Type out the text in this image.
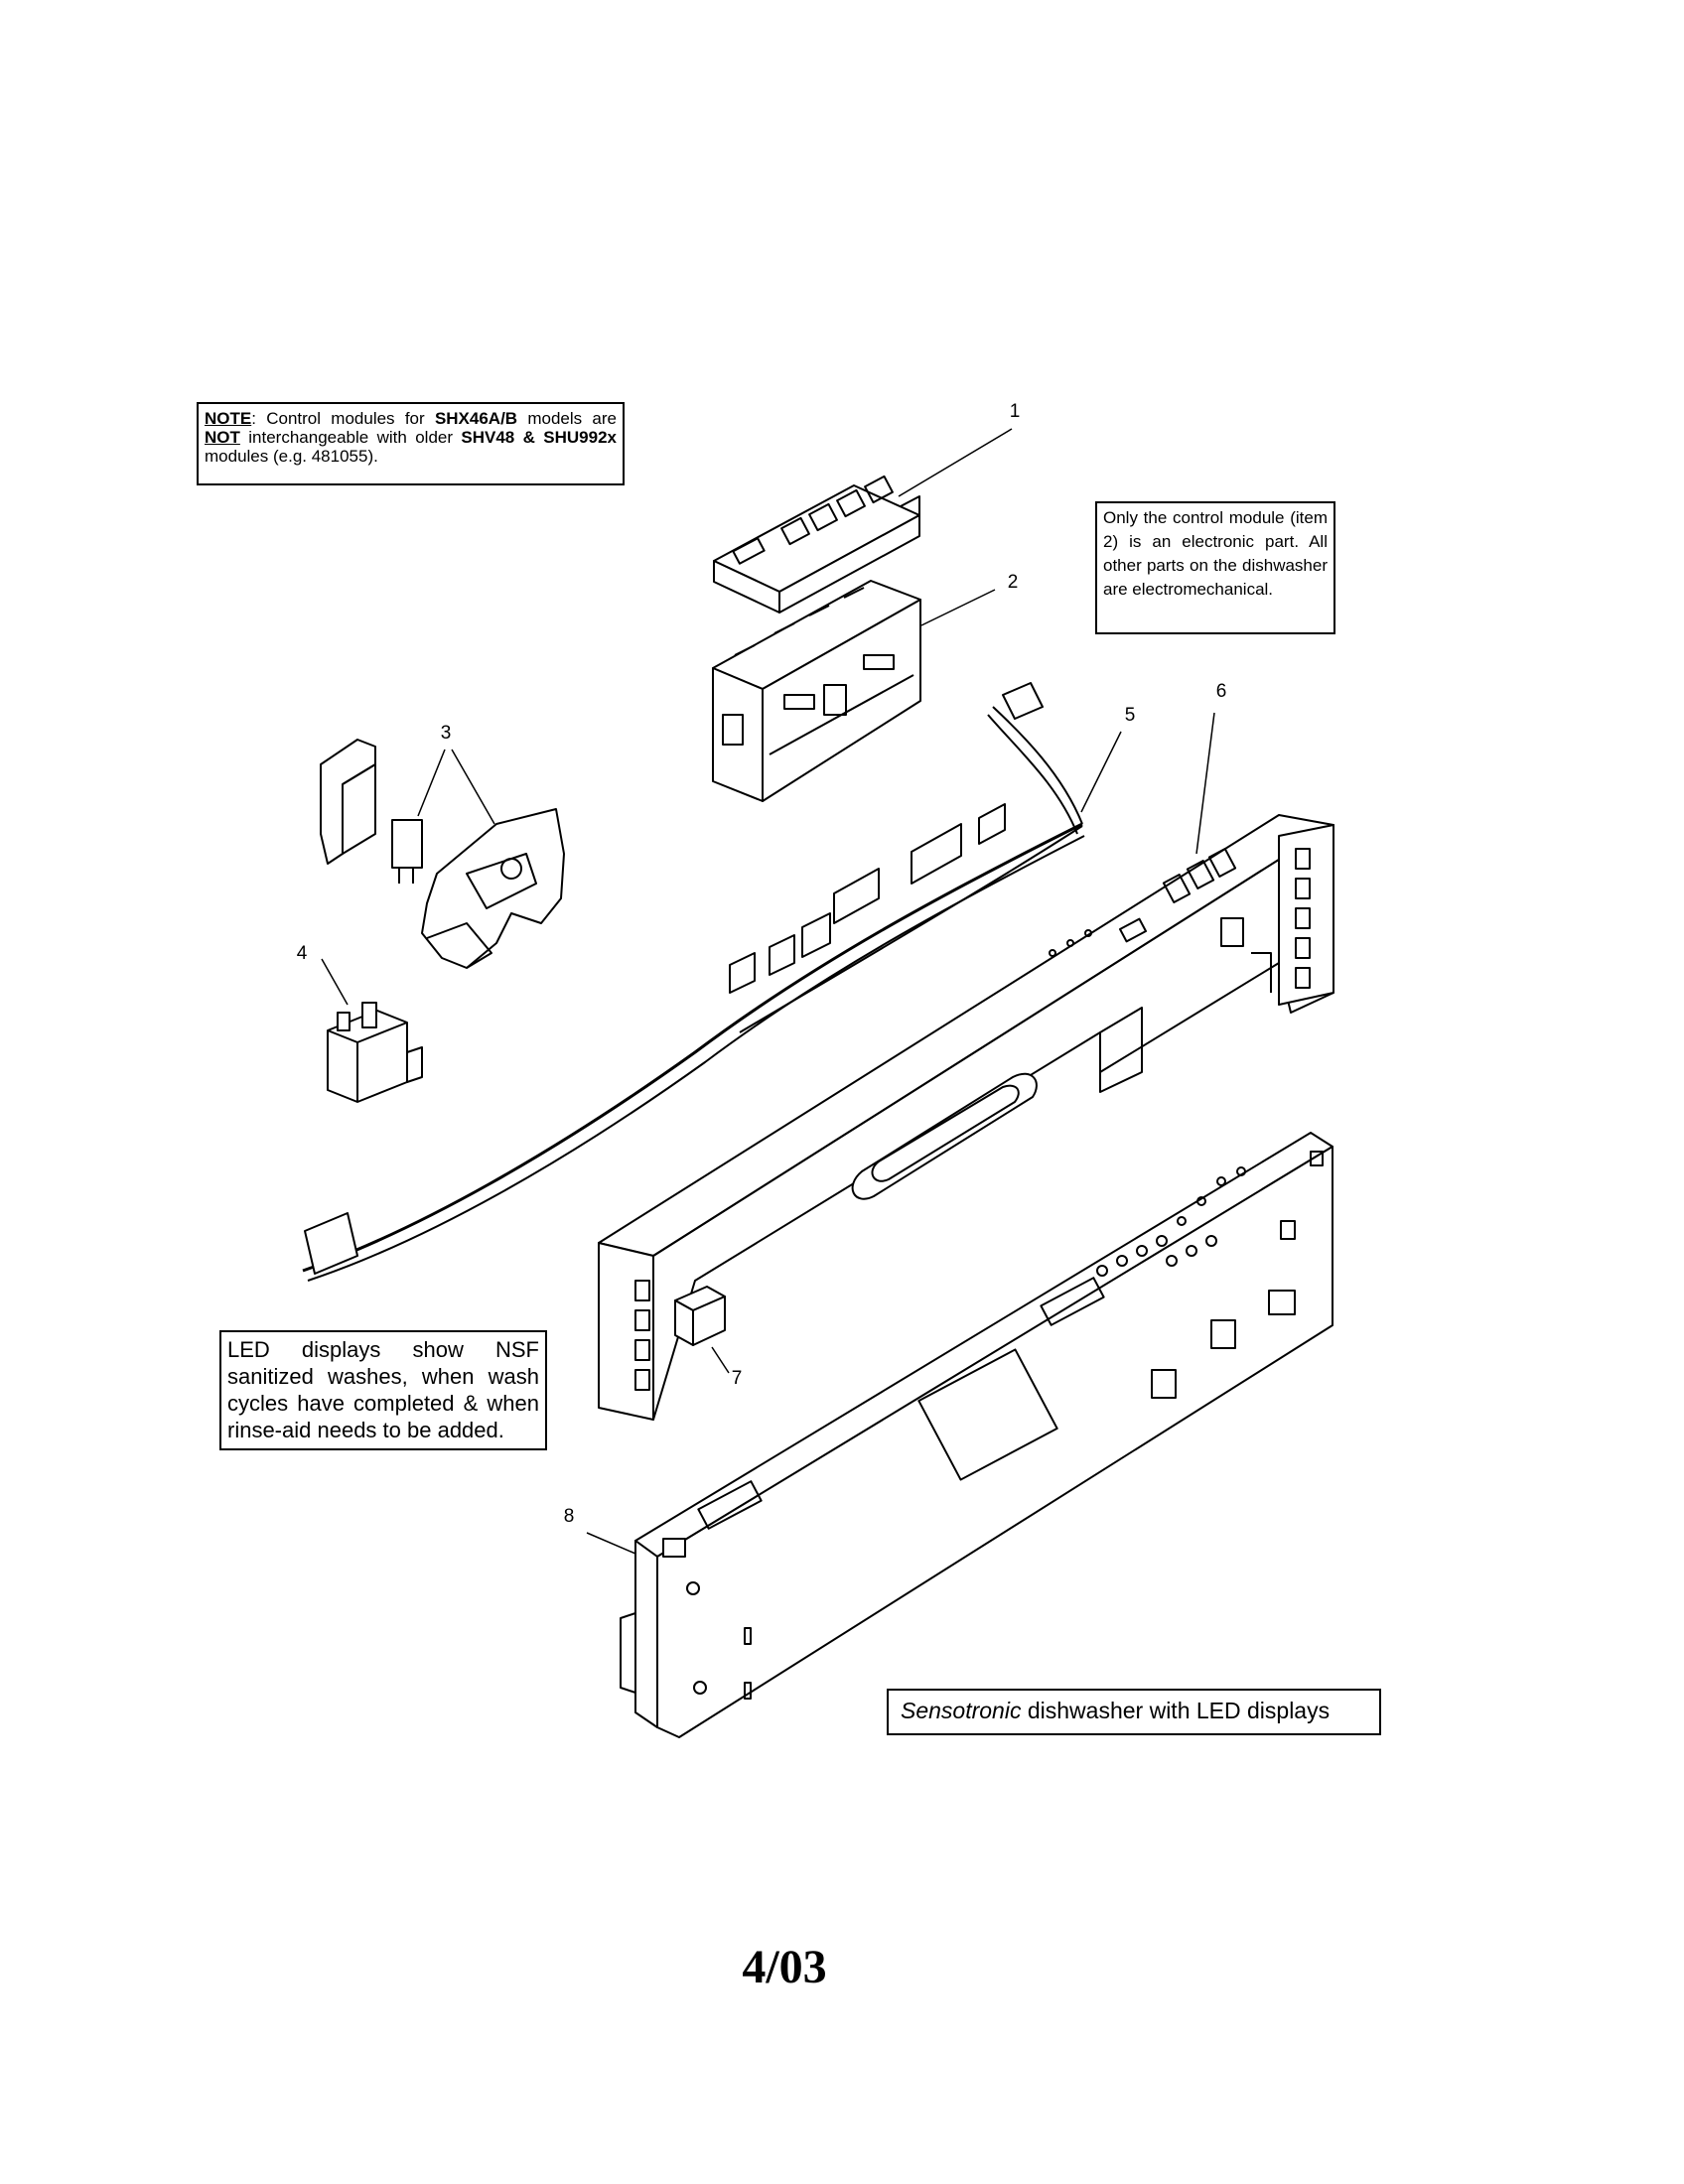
NOTE: Control modules for SHX46A/B models are NOT interchangeable with older SHV48 & SHU992x modules (e.g. 481055).
Only the control module (item 2) is an electronic part. All other parts on the dishwasher are electromechanical.
LED displays show NSF sanitized washes, when wash cycles have completed & when rinse-aid needs to be added.
Sensotronic dishwasher with LED displays
1
2
3
4
5
6
7
8
4/03
